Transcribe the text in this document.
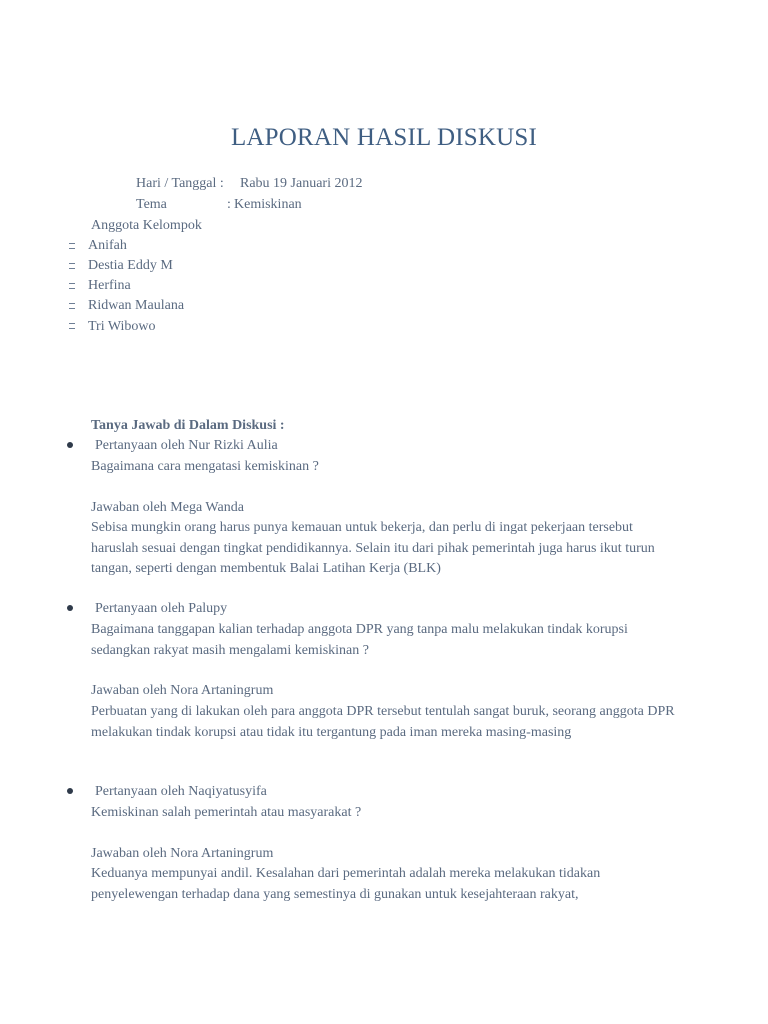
LAPORAN HASIL DISKUSI
Hari / Tanggal : Rabu 19 Januari 2012
Tema	: Kemiskinan
Anggota Kelompok
Anifah
Destia Eddy M
Herfina
Ridwan Maulana
Tri Wibowo
Tanya Jawab di Dalam Diskusi :
Pertanyaan oleh Nur Rizki Aulia
Bagaimana cara mengatasi kemiskinan ?
Jawaban oleh Mega Wanda
Sebisa mungkin orang harus punya kemauan untuk bekerja, dan perlu di ingat pekerjaan tersebut haruslah sesuai dengan tingkat pendidikannya. Selain itu dari pihak pemerintah juga harus ikut turun tangan, seperti dengan membentuk Balai Latihan Kerja (BLK)
Pertanyaan oleh Palupy
Bagaimana tanggapan kalian terhadap anggota DPR yang tanpa malu melakukan tindak korupsi sedangkan rakyat masih mengalami kemiskinan ?
Jawaban oleh Nora Artaningrum
Perbuatan yang di lakukan oleh para anggota DPR tersebut tentulah sangat buruk, seorang anggota DPR melakukan tindak korupsi atau tidak itu tergantung pada iman mereka masing-masing
Pertanyaan oleh Naqiyatusyifa
Kemiskinan salah pemerintah atau masyarakat ?
Jawaban oleh Nora Artaningrum
Keduanya mempunyai andil. Kesalahan dari pemerintah adalah mereka melakukan tidakan penyelewengan terhadap dana yang semestinya di gunakan untuk kesejahteraan rakyat,
